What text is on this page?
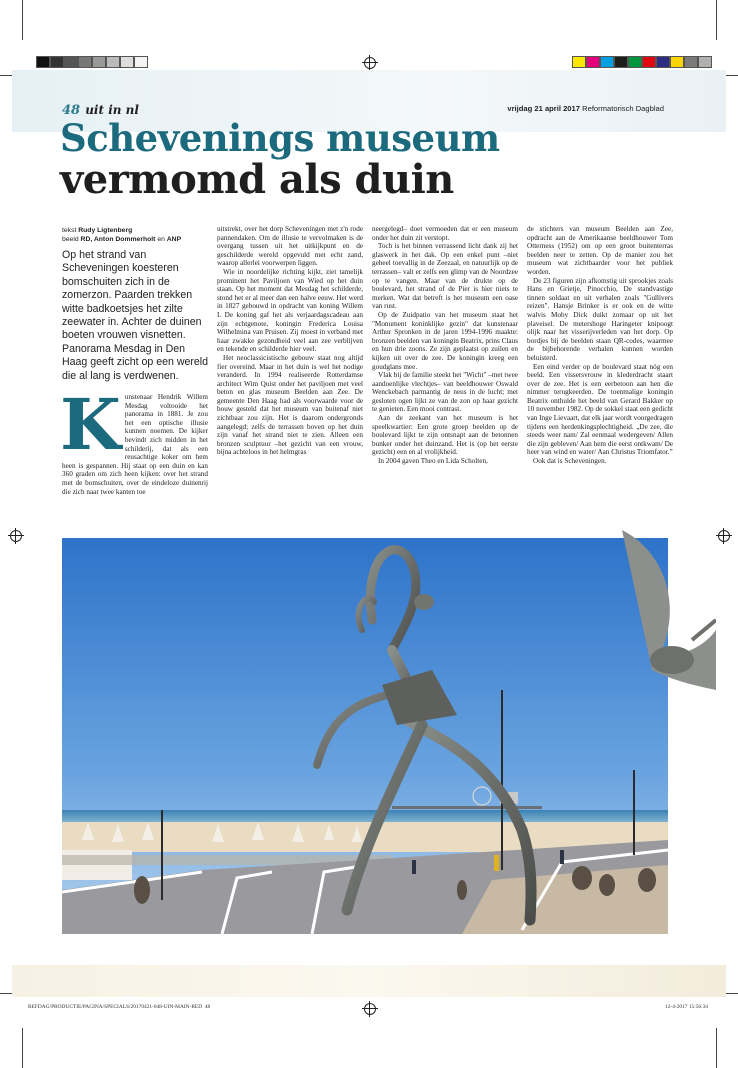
48 uit in nl	vrijdag 21 april 2017 Reformatorisch Dagblad
Schevenings museum
vermomd als duin
tekst Rudy Ligtenberg
beeld RD, Anton Dommerholt en ANP
Op het strand van Scheveningen koesteren bomschuiten zich in de zomerzon. Paarden trekken witte badkoetsjes het zilte zeewater in. Achter de duinen boeten vrouwen visnetten. Panorama Mesdag in Den Haag geeft zicht op een wereld die al lang is verdwenen.
K unstenaar Hendrik Willem Mesdag voltooide het panorama in 1881. Je zou het een optische illusie kunnen noemen. De kijker bevindt zich midden in het schilderij, dat als een reusachtige koker om hem heen is gespannen. Hij staat op een duin en kan 360 graden om zich heen kijken: over het strand met de bomschuiten, over de eindeloze duinenrij die zich naar twee kanten toe

uitstrekt, over het dorp Scheveningen met z'n rode pannendaken. Om de illusie te vervolmaken is de overgang tussen uit het uitkijkpunt en de geschilderde wereld opgevuld met echt zand, waarop allerlei voorwerpen liggen.

Wie in noordelijke richting kijkt, ziet tamelijk prominent het Paviljoen van Wied op het duin staan. Op het moment dat Mesdag het schilderde, stond het er al meer dan een halve eeuw. Het werd in 1827 gebouwd in opdracht van koning Willem I. De koning gaf het als verjaardagscadeau aan zijn echtgenote, koningin Frederica Louisa Wilhelmina van Pruisen. Zij moest in verband met haar zwakke gezondheid veel aan zee verblijven en tekende en schilderde hier veel.

Het neoclassicistische gebouw staat nog altijd fier overeind. Maar in het duin is wel het nodige veranderd. In 1994 realiseerde Rotterdamse architect Wim Quist onder het paviljoen met veel beton en glas museum Beelden aan Zee. De gemeente Den Haag had als voorwaarde voor de bouw gesteld dat het museum van buitenaf niet zichtbaar zou zijn. Het is daarom ondergronds aangelegd; zelfs de terrassen boven op het duin zijn vanaf het strand niet te zien. Alleen een bronzen sculptuur –het gezicht van een vrouw, bijna achteloos in het helmgras

neergelegd– doet vermoeden dat er een museum onder het duin zit verstopt.

Toch is het binnen verrassend licht dank zij het glaswerk in het dak. Op een enkel punt –niet geheel toevallig in de Zeezaal, en natuurlijk op de terrassen– valt er zelfs een glimp van de Noordzee op te vangen. Maar van de drukte op de boulevard, het strand of de Pier is hier niets te merken. Wat dat betreft is het museum een oase van rust.

Op de Zuidpatio van het museum staat het "Monument koninklijke gezin" dat kunstenaar Arthur Spronken in de jaren 1994-1996 maakte: bronzen beelden van koningin Beatrix, prins Claus en hun drie zoons. Ze zijn geplaatst op zuilen en kijken uit over de zee. De koningin kreeg een goudglans mee.

Vlak bij de familie steekt het "Wicht" –met twee aandoenlijke vlechtjes– van beeldhouwer Oswald Wenckebach parmantig de neus in de lucht; met gesloten ogen lijkt ze van de zon op haar gezicht te genieten. Een mooi contrast.

Aan de zeekant van het museum is het speelkwartier: Een grote groep beelden op de boulevard lijkt te zijn ontsnapt aan de betonnen bunker onder het duinzand. Het is (op het eerste gezicht) een en al vrolijkheid.

In 2004 gaven Theo en Lida Scholten,

de stichters van museum Beelden aan Zee, opdracht aan de Amerikaanse beeldhouwer Tom Otterness (1952) om op een groot buitenterras beelden neer te zetten. Op de manier zou het museum wat zichtbaarder voor het publiek worden.

De 23 figuren zijn afkomstig uit sprookjes zoals Hans en Grietje, Pinocchio, De standvastige tinnen soldaat en uit verhalen zoals "Gullivers reizen". Hansje Brinker is er ook en de witte walvis Moby Dick duikt zomaar op uit het plaveisel. De metershoge Haringeter knipoogt olijk naar het visserijverleden van het dorp. Op bordjes bij de beelden staan QR-codes, waarmee de bijbehorende verhalen kunnen worden beluisterd.

Een eind verder op de boulevard staat nóg een beeld. Een vissersvrouw in klederdracht staart over de zee. Het is een eerbetoon aan hen die nimmer terugkeerden. De toenmalige koningin Beatrix onthulde het beeld van Gerard Bakker op 10 november 1982. Op de sokkel staat een gedicht van Inge Lievaart, dat elk jaar wordt voorgedragen tijdens een herdenkingsplechtigheid. „De zee, die steeds weer nam/ Zal eenmaal wedergeven/ Allen die zijn gebleven/ Aan hem die eerst ontkwam/ De heer van wind en water/ Aan Christus Triomfator.”

Ook dat is Scheveningen.

REFDAG/PRODUCTIE/PAGINA/SPECIALS/20170421-048-UIN-MAIN-RED 48	12-4-2017 15:56:34
